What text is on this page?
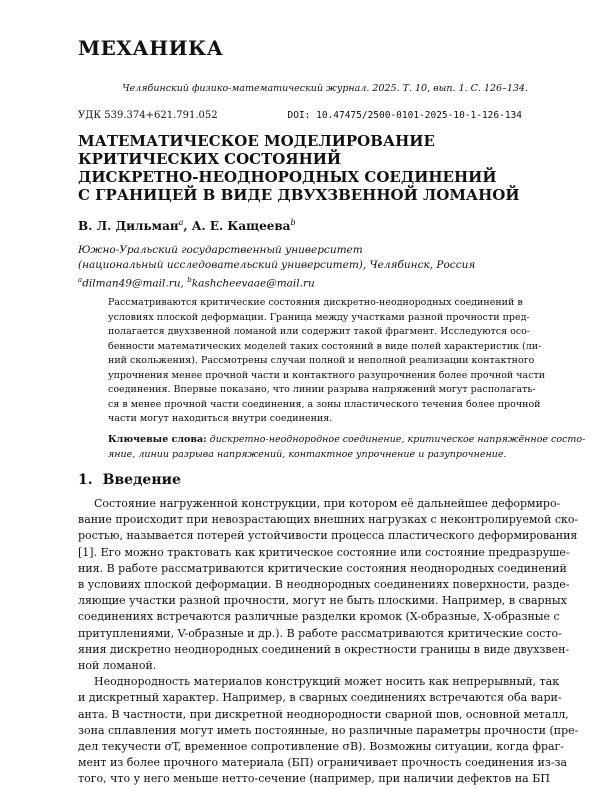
МЕХАНИКА
Челябинский физико-математический журнал. 2025. Т. 10, вып. 1. С. 126–134.
УДК 539.374+621.791.052	DOI: 10.47475/2500-0101-2025-10-1-126-134
МАТЕМАТИЧЕСКОЕ МОДЕЛИРОВАНИЕ
КРИТИЧЕСКИХ СОСТОЯНИЙ
ДИСКРЕТНО-НЕОДНОРОДНЫХ СОЕДИНЕНИЙ
С ГРАНИЦЕЙ В ВИДЕ ДВУХЗВЕННОЙ ЛОМАНОЙ
В. Л. Дильман$^a$, А. Е. Кащеева$^b$
Южно-Уральский государственный университет
(национальный исследовательский университет), Челябинск, Россия
$^a$dilman49@mail.ru, $^b$kashcheevaae@mail.ru
Рассматриваются критические состояния дискретно-неоднородных соединений в
условиях плоской деформации. Граница между участками разной прочности пред-
полагается двухзвенной ломаной или содержит такой фрагмент. Исследуются осо-
бенности математических моделей таких состояний в виде полей характеристик (ли-
ний скольжения). Рассмотрены случаи полной и неполной реализации контактного
упрочнения менее прочной части и контактного разупрочнения более прочной части
соединения. Впервые показано, что линии разрыва напряжений могут располагать-
ся в менее прочной части соединения, а зоны пластического течения более прочной
части могут находиться внутри соединения.
Ключевые слова: дискретно-неоднородное соединение, критическое напряжённое состо-
яние, линии разрыва напряжений, контактное упрочнение и разупрочнение.
1. Введение
Состояние нагруженной конструкции, при котором её дальнейшее деформиро-
вание происходит при невозрастающих внешних нагрузках с неконтролируемой ско-
ростью, называется потерей устойчивости процесса пластического деформирования
[1]. Его можно трактовать как критическое состояние или состояние предразруше-
ния. В работе рассматриваются критические состояния неоднородных соединений
в условиях плоской деформации. В неоднородных соединениях поверхности, разде-
ляющие участки разной прочности, могут не быть плоскими. Например, в сварных
соединениях встречаются различные разделки кромок (X-образные, X-образные с
притуплениями, V-образные и др.). В работе рассматриваются критические состо-
яния дискретно неоднородных соединений в окрестности границы в виде двухзвен-
ной ломаной.
Неоднородность материалов конструкций может носить как непрерывный, так
и дискретный характер. Например, в сварных соединениях встречаются оба вари-
анта. В частности, при дискретной неоднородности сварной шов, основной металл,
зона сплавления могут иметь постоянные, но различные параметры прочности (пре-
дел текучести σT, временное сопротивление σB). Возможны ситуации, когда фраг-
мент из более прочного материала (БП) ограничивает прочность соединения из-за
того, что у него меньше нетто-сечение (например, при наличии дефектов на БП
